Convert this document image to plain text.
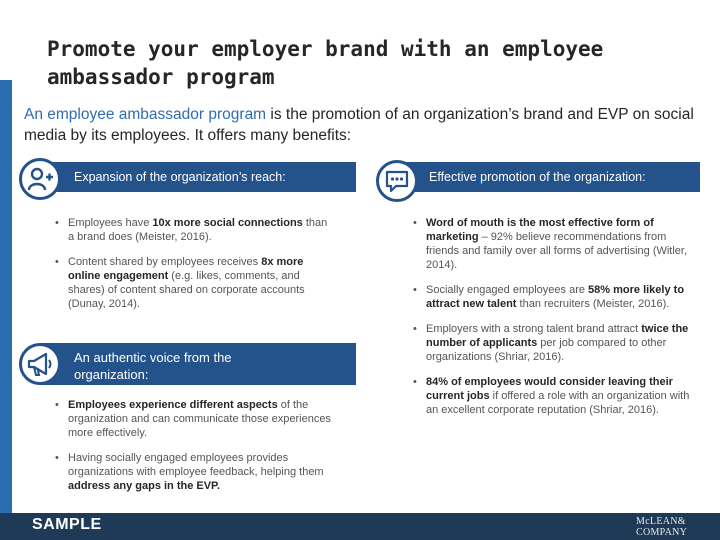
Promote your employer brand with an employee ambassador program
An employee ambassador program is the promotion of an organization’s brand and EVP on social media by its employees. It offers many benefits:
Expansion of the organization’s reach:
• Employees have 10x more social connections than a brand does (Meister, 2016).
• Content shared by employees receives 8x more online engagement (e.g. likes, comments, and shares) of content shared on corporate accounts (Dunay, 2014).
An authentic voice from the organization:
• Employees experience different aspects of the organization and can communicate those experiences more effectively.
• Having socially engaged employees provides organizations with employee feedback, helping them address any gaps in the EVP.
Effective promotion of the organization:
• Word of mouth is the most effective form of marketing – 92% believe recommendations from friends and family over all forms of advertising (Witler, 2014).
• Socially engaged employees are 58% more likely to attract new talent than recruiters (Meister, 2016).
• Employers with a strong talent brand attract twice the number of applicants per job compared to other organizations (Shriar, 2016).
• 84% of employees would consider leaving their current jobs if offered a role with an organization with an excellent corporate reputation (Shriar, 2016).
SAMPLE	McLEAN&
COMPANY
